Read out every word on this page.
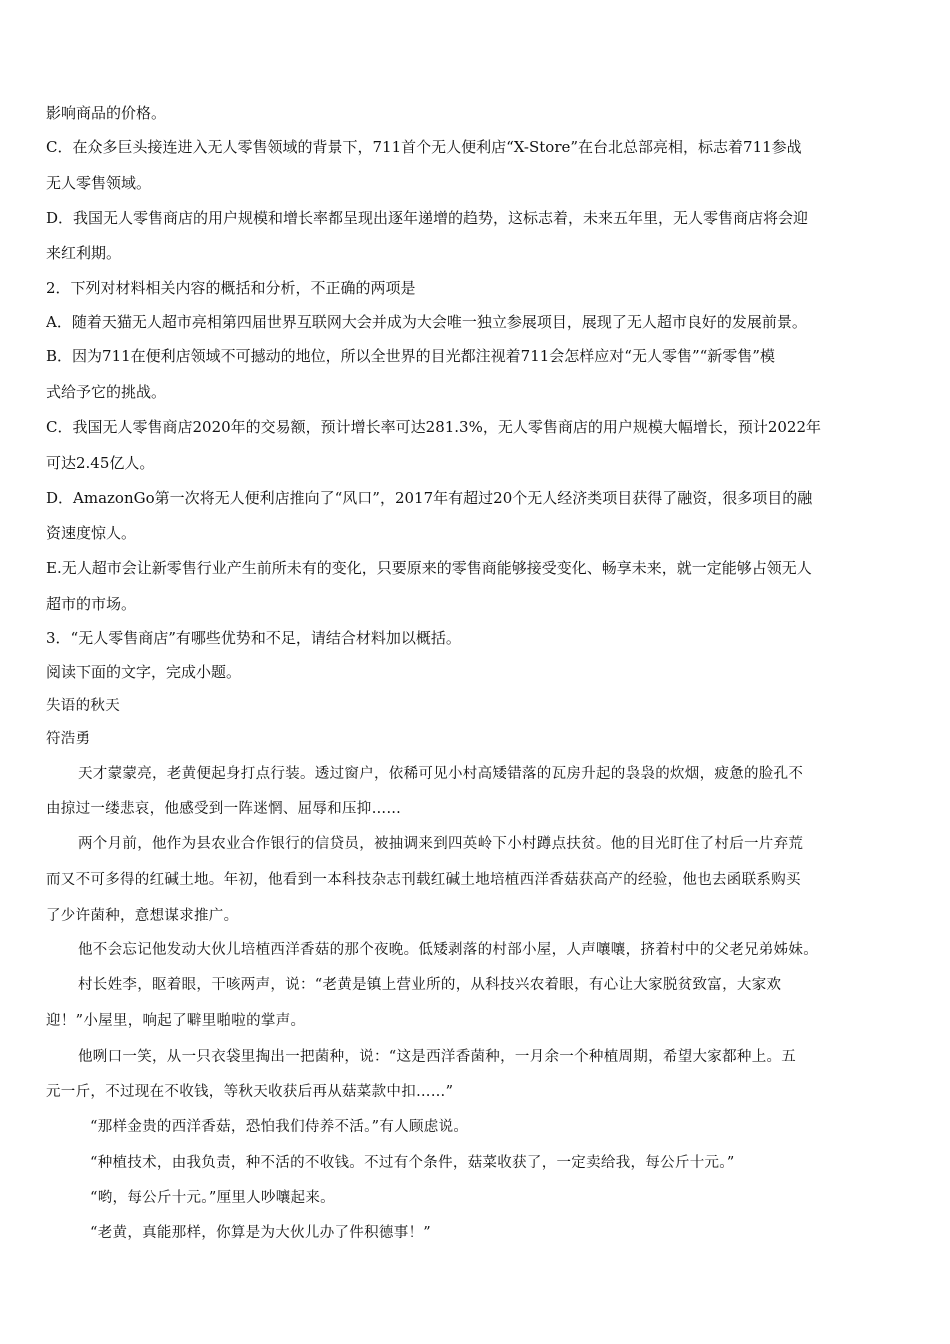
影响商品的价格。
C．在众多巨头接连进入无人零售领域的背景下，711首个无人便利店“X-Store”在台北总部亮相，标志着711参战
无人零售领域。
D．我国无人零售商店的用户规模和增长率都呈现出逐年递增的趋势，这标志着，未来五年里，无人零售商店将会迎
来红利期。
2．下列对材料相关内容的概括和分析，不正确的两项是
A．随着天猫无人超市亮相第四届世界互联网大会并成为大会唯一独立参展项目，展现了无人超市良好的发展前景。
B．因为711在便利店领域不可撼动的地位，所以全世界的目光都注视着711会怎样应对“无人零售”“新零售”模
式给予它的挑战。
C．我国无人零售商店2020年的交易额，预计增长率可达281.3%，无人零售商店的用户规模大幅增长，预计2022年
可达2.45亿人。
D．AmazonGo第一次将无人便利店推向了“风口”，2017年有超过20个无人经济类项目获得了融资，很多项目的融
资速度惊人。
E.无人超市会让新零售行业产生前所未有的变化，只要原来的零售商能够接受变化、畅享未来，就一定能够占领无人
超市的市场。
3．“无人零售商店”有哪些优势和不足，请结合材料加以概括。
阅读下面的文字，完成小题。
失语的秋天
符浩勇
天才蒙蒙亮，老黄便起身打点行装。透过窗户，依稀可见小村高矮错落的瓦房升起的袅袅的炊烟，疲惫的脸孔不
由掠过一缕悲哀，他感受到一阵迷惘、屈辱和压抑……
两个月前，他作为县农业合作银行的信贷员，被抽调来到四英岭下小村蹲点扶贫。他的目光盯住了村后一片弃荒
而又不可多得的红碱土地。年初，他看到一本科技杂志刊载红碱土地培植西洋香菇获高产的经验，他也去函联系购买
了少许菌种，意想谋求推广。
他不会忘记他发动大伙儿培植西洋香菇的那个夜晚。低矮剥落的村部小屋，人声嚷嚷，挤着村中的父老兄弟姊妹。
村长姓李，眍着眼，干咳两声，说：“老黄是镇上营业所的，从科技兴农着眼，有心让大家脱贫致富，大家欢
迎！”小屋里，响起了噼里啪啦的掌声。
他咧口一笑，从一只衣袋里掏出一把菌种，说：“这是西洋香菌种，一月余一个种植周期，希望大家都种上。五
元一斤，不过现在不收钱，等秋天收获后再从菇菜款中扣……”
“那样金贵的西洋香菇，恐怕我们侍养不活。”有人顾虑说。
“种植技术，由我负责，种不活的不收钱。不过有个条件，菇菜收获了，一定卖给我，每公斤十元。”
“哟，每公斤十元。”厘里人吵嚷起来。
“老黄，真能那样，你算是为大伙儿办了件积德事！”
